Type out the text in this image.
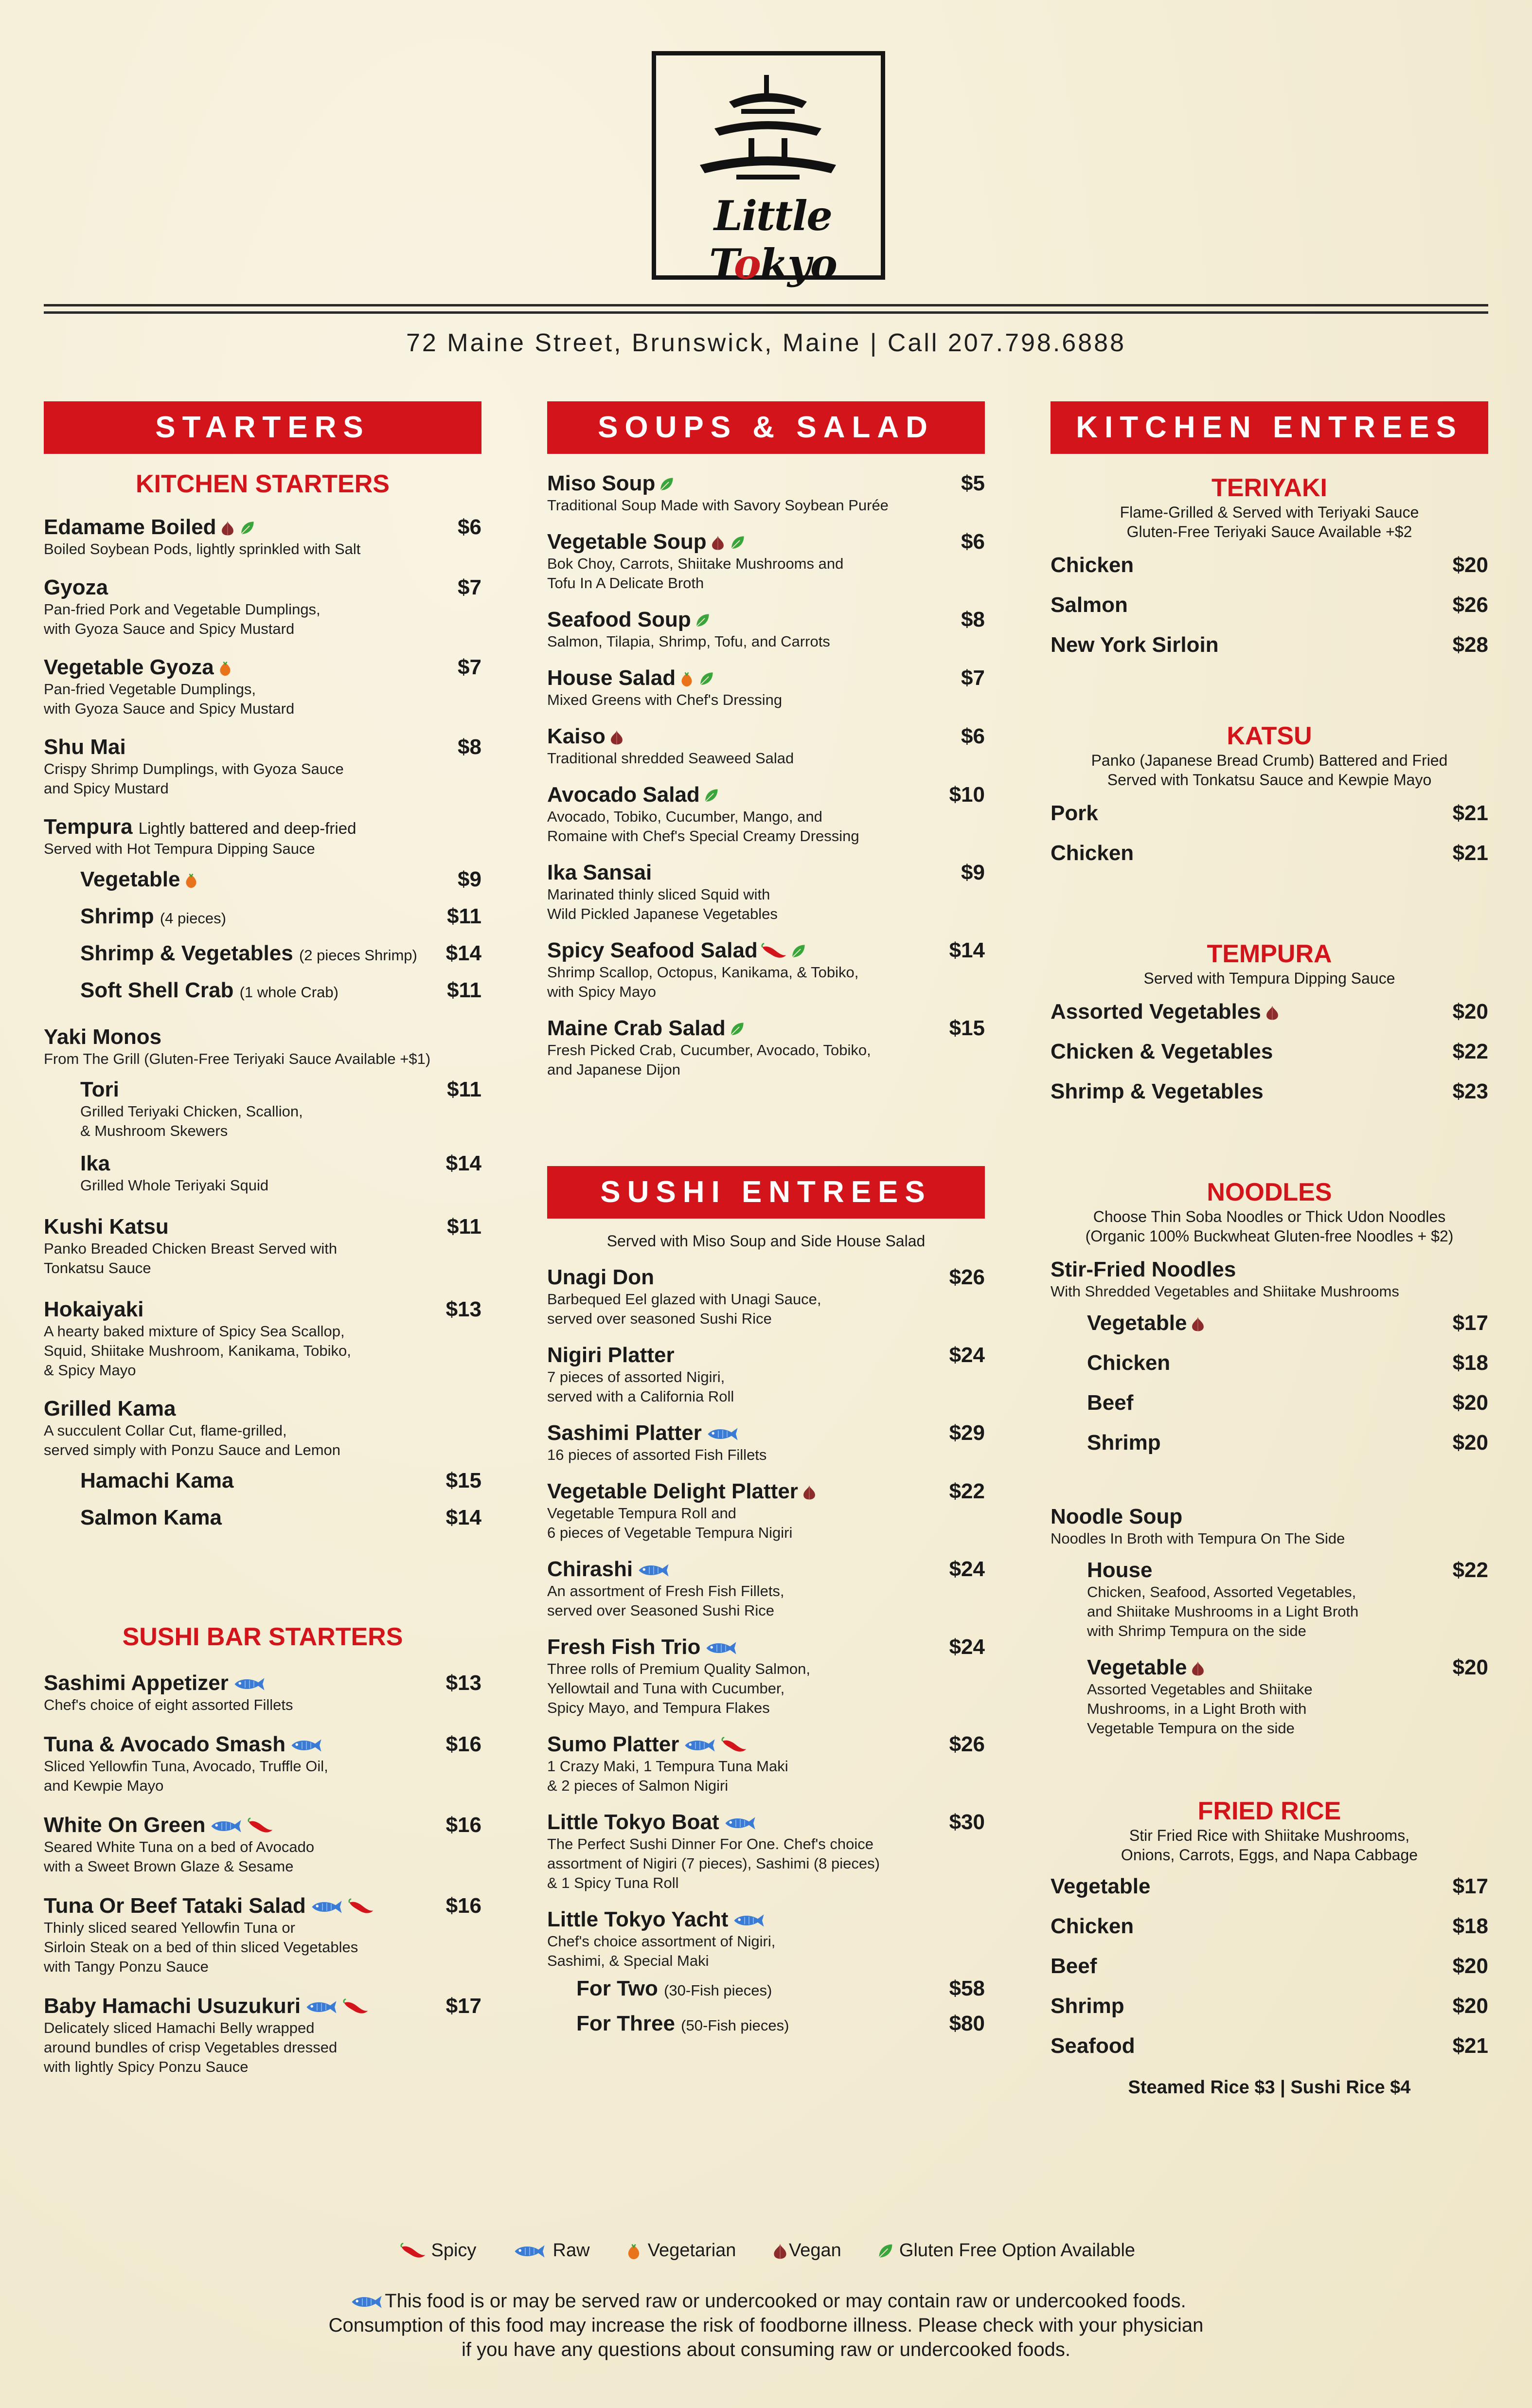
Little Tokyo
72 Maine Street, Brunswick, Maine | Call 207.798.6888
STARTERS
KITCHEN STARTERS
Edamame Boiled	$6
Boiled Soybean Pods, lightly sprinkled with Salt
Gyoza	$7
Pan-fried Pork and Vegetable Dumplings,
with Gyoza Sauce and Spicy Mustard
Vegetable Gyoza	$7
Pan-fried Vegetable Dumplings,
with Gyoza Sauce and Spicy Mustard
Shu Mai	$8
Crispy Shrimp Dumplings, with Gyoza Sauce
and Spicy Mustard
Tempura Lightly battered and deep-fried
Served with Hot Tempura Dipping Sauce
Vegetable	$9
Shrimp (4 pieces)	$11
Shrimp & Vegetables (2 pieces Shrimp) $14
Soft Shell Crab (1 whole Crab)	$11
Yaki Monos
From The Grill (Gluten-Free Teriyaki Sauce Available +$1)
Tori	$11
Grilled Teriyaki Chicken, Scallion,
& Mushroom Skewers
Ika	$14
Grilled Whole Teriyaki Squid
Kushi Katsu	$11
Panko Breaded Chicken Breast Served with
Tonkatsu Sauce
Hokaiyaki	$13
A hearty baked mixture of Spicy Sea Scallop,
Squid, Shiitake Mushroom, Kanikama, Tobiko,
& Spicy Mayo
Grilled Kama
A succulent Collar Cut, flame-grilled,
served simply with Ponzu Sauce and Lemon
Hamachi Kama	$15
Salmon Kama	$14
SUSHI BAR STARTERS
Sashimi Appetizer	$13
Chef's choice of eight assorted Fillets
Tuna & Avocado Smash	$16
Sliced Yellowfin Tuna, Avocado, Truffle Oil,
and Kewpie Mayo
White On Green	$16
Seared White Tuna on a bed of Avocado
with a Sweet Brown Glaze & Sesame
Tuna Or Beef Tataki Salad	$16
Thinly sliced seared Yellowfin Tuna or
Sirloin Steak on a bed of thin sliced Vegetables
with Tangy Ponzu Sauce
Baby Hamachi Usuzukuri	$17
Delicately sliced Hamachi Belly wrapped
around bundles of crisp Vegetables dressed
with lightly Spicy Ponzu Sauce
SOUPS & SALAD
Miso Soup	$5
Traditional Soup Made with Savory Soybean Purée
Vegetable Soup	$6
Bok Choy, Carrots, Shiitake Mushrooms and
Tofu In A Delicate Broth
Seafood Soup	$8
Salmon, Tilapia, Shrimp, Tofu, and Carrots
House Salad	$7
Mixed Greens with Chef's Dressing
Kaiso	$6
Traditional shredded Seaweed Salad
Avocado Salad	$10
Avocado, Tobiko, Cucumber, Mango, and
Romaine with Chef's Special Creamy Dressing
Ika Sansai	$9
Marinated thinly sliced Squid with
Wild Pickled Japanese Vegetables
Spicy Seafood Salad	$14
Shrimp Scallop, Octopus, Kanikama, & Tobiko,
with Spicy Mayo
Maine Crab Salad	$15
Fresh Picked Crab, Cucumber, Avocado, Tobiko,
and Japanese Dijon
SUSHI ENTREES
Served with Miso Soup and Side House Salad
Unagi Don	$26
Barbequed Eel glazed with Unagi Sauce,
served over seasoned Sushi Rice
Nigiri Platter	$24
7 pieces of assorted Nigiri,
served with a California Roll
Sashimi Platter	$29
16 pieces of assorted Fish Fillets
Vegetable Delight Platter	$22
Vegetable Tempura Roll and
6 pieces of Vegetable Tempura Nigiri
Chirashi	$24
An assortment of Fresh Fish Fillets,
served over Seasoned Sushi Rice
Fresh Fish Trio	$24
Three rolls of Premium Quality Salmon,
Yellowtail and Tuna with Cucumber,
Spicy Mayo, and Tempura Flakes
Sumo Platter	$26
1 Crazy Maki, 1 Tempura Tuna Maki
& 2 pieces of Salmon Nigiri
Little Tokyo Boat	$30
The Perfect Sushi Dinner For One. Chef's choice
assortment of Nigiri (7 pieces), Sashimi (8 pieces)
& 1 Spicy Tuna Roll
Little Tokyo Yacht
Chef's choice assortment of Nigiri,
Sashimi, & Special Maki
For Two (30-Fish pieces)	$58
For Three (50-Fish pieces)	$80
KITCHEN ENTREES
TERIYAKI
Flame-Grilled & Served with Teriyaki Sauce
Gluten-Free Teriyaki Sauce Available +$2
Chicken	$20
Salmon	$26
New York Sirloin	$28
KATSU
Panko (Japanese Bread Crumb) Battered and Fried
Served with Tonkatsu Sauce and Kewpie Mayo
Pork	$21
Chicken	$21
TEMPURA
Served with Tempura Dipping Sauce
Assorted Vegetables	$20
Chicken & Vegetables	$22
Shrimp & Vegetables	$23
NOODLES
Choose Thin Soba Noodles or Thick Udon Noodles
(Organic 100% Buckwheat Gluten-free Noodles + $2)
Stir-Fried Noodles
With Shredded Vegetables and Shiitake Mushrooms
Vegetable	$17
Chicken	$18
Beef	$20
Shrimp	$20
Noodle Soup
Noodles In Broth with Tempura On The Side
House	$22
Chicken, Seafood, Assorted Vegetables,
and Shiitake Mushrooms in a Light Broth
with Shrimp Tempura on the side
Vegetable	$20
Assorted Vegetables and Shiitake
Mushrooms, in a Light Broth with
Vegetable Tempura on the side
FRIED RICE
Stir Fried Rice with Shiitake Mushrooms,
Onions, Carrots, Eggs, and Napa Cabbage
Vegetable	$17
Chicken	$18
Beef	$20
Shrimp	$20
Seafood	$21
Steamed Rice $3 | Sushi Rice $4
Spicy	Raw	Vegetarian	Vegan	Gluten Free Option Available
This food is or may be served raw or undercooked or may contain raw or undercooked foods.
Consumption of this food may increase the risk of foodborne illness. Please check with your physician
if you have any questions about consuming raw or undercooked foods.
